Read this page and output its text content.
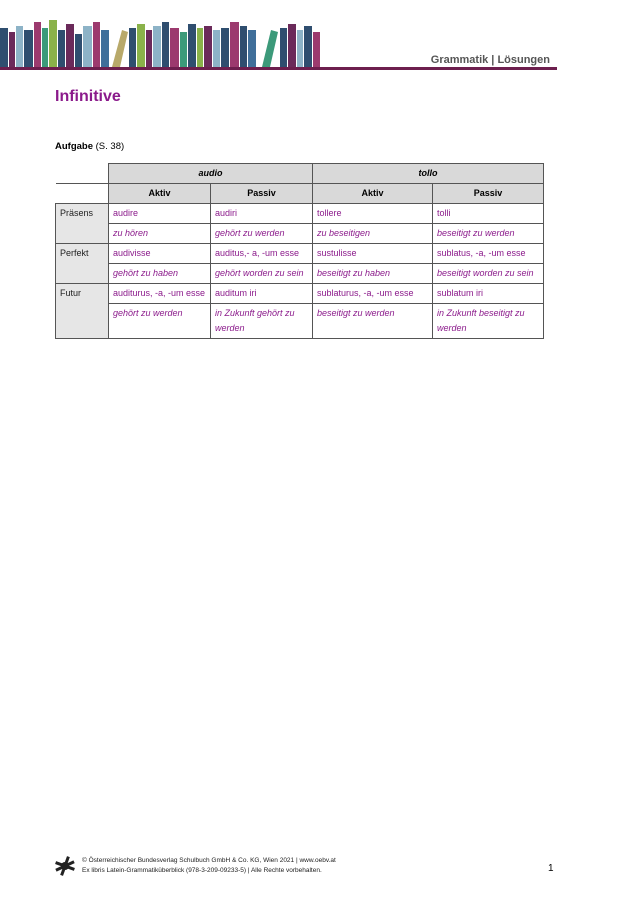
Grammatik | Lösungen
Infinitive
Aufgabe (S. 38)
	audio		tollo	
	Aktiv	Passiv	Aktiv	Passiv
Präsens	audire	audiri	tollere	tolli
	zu hören	gehört zu werden	zu beseitigen	beseitigt zu werden
Perfekt	audivisse	auditus,- a, -um esse	sustulisse	sublatus, -a, -um esse
	gehört zu haben	gehört worden zu sein	beseitigt zu haben	beseitigt worden zu sein
Futur	auditurus, -a, -um esse	auditum iri	sublaturus, -a, -um esse	sublatum iri
	gehört zu werden	in Zukunft gehört zu werden	beseitigt zu werden	in Zukunft beseitigt zu werden
© Österreichischer Bundesverlag Schulbuch GmbH & Co. KG, Wien 2021 | www.oebv.at
Ex libris Latein-Grammatiküberblick (978-3-209-09233-5) | Alle Rechte vorbehalten.	1
